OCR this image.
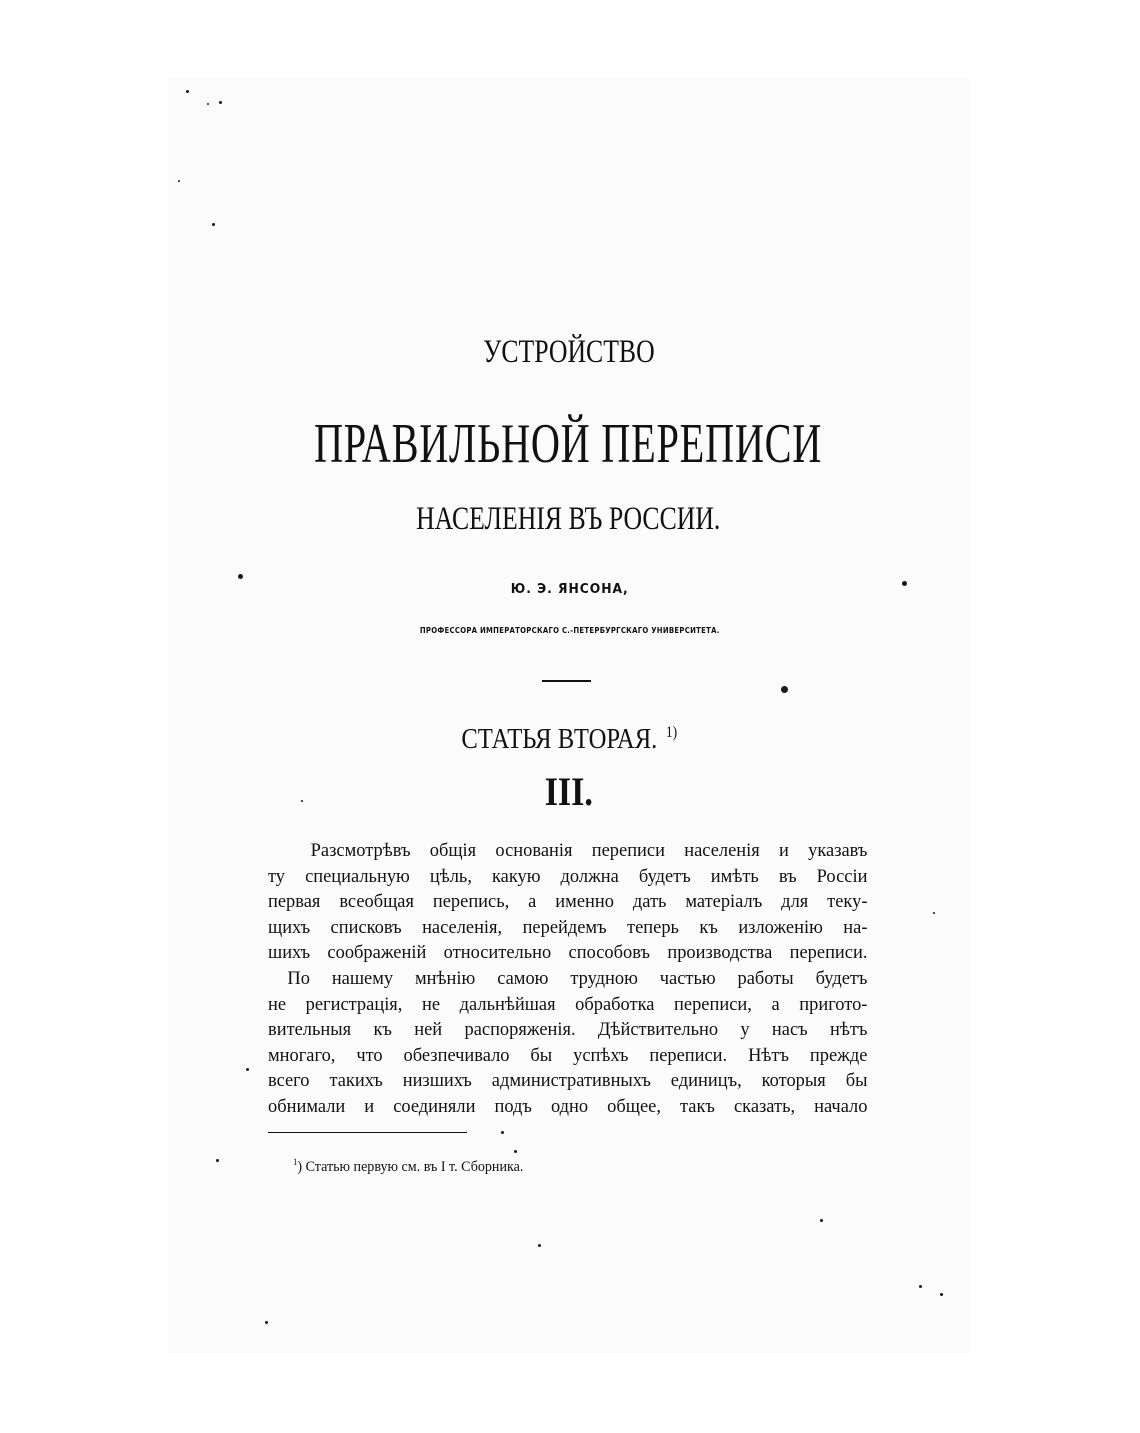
УСТРОЙСТВО
ПРАВИЛЬНОЙ ПЕРЕПИСИ
НАСЕЛЕНІЯ ВЪ РОССИИ.
Ю. Э. ЯНСОНА,
ПРОФЕССОРА ИМПЕРАТОРСКАГО С.-ПЕТЕРБУРГСКАГО УНИВЕРСИТЕТА.
СТАТЬЯ ВТОРАЯ. $^{1)}$
III.
Разсмотрѣвъ общія основанія переписи населенія и указавъ
ту специальную цѣль, какую должна будетъ имѣть въ Россіи
первая всеобщая перепись, а именно дать матеріалъ для теку-
щихъ списковъ населенія, перейдемъ теперь къ изложенію на-
шихъ соображеній относительно способовъ производства переписи.
По нашему мнѣнію самою трудною частью работы будетъ
не регистрація, не дальнѣйшая обработка переписи, а пригото-
вительныя къ ней распоряженія. Дѣйствительно у насъ нѣтъ
многаго, что обезпечивало бы успѣхъ переписи. Нѣтъ прежде
всего такихъ низшихъ административныхъ единицъ, которыя бы
обнимали и соединяли подъ одно общее, такъ сказать, начало
$^1$) Статью первую см. въ I т. Сборника.
